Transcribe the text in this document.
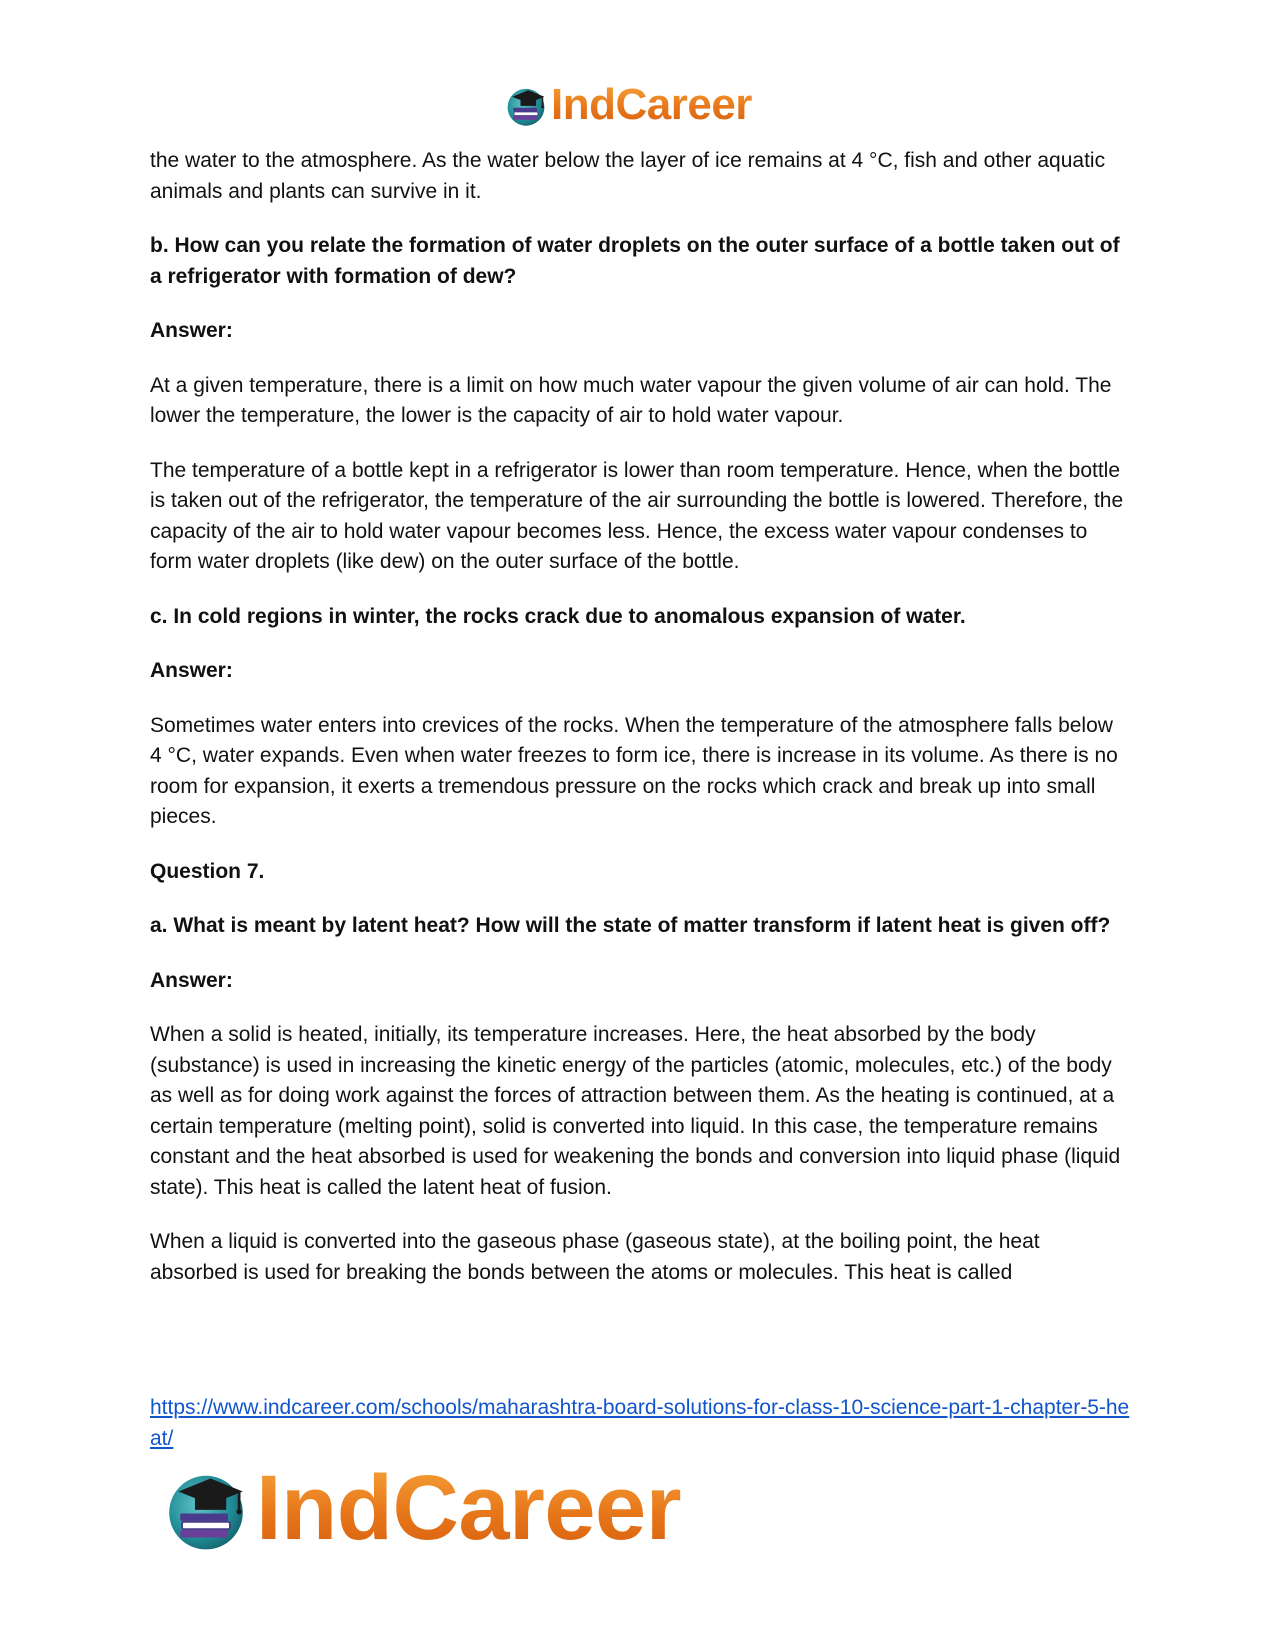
IndCareer

the water to the atmosphere. As the water below the layer of ice remains at 4 °C, fish and other aquatic animals and plants can survive in it.

b. How can you relate the formation of water droplets on the outer surface of a bottle taken out of a refrigerator with formation of dew?

Answer:

At a given temperature, there is a limit on how much water vapour the given volume of air can hold. The lower the temperature, the lower is the capacity of air to hold water vapour.

The temperature of a bottle kept in a refrigerator is lower than room temperature. Hence, when the bottle is taken out of the refrigerator, the temperature of the air surrounding the bottle is lowered. Therefore, the capacity of the air to hold water vapour becomes less. Hence, the excess water vapour condenses to form water droplets (like dew) on the outer surface of the bottle.

c. In cold regions in winter, the rocks crack due to anomalous expansion of water.

Answer:

Sometimes water enters into crevices of the rocks. When the temperature of the atmosphere falls below 4 °C, water expands. Even when water freezes to form ice, there is increase in its volume. As there is no room for expansion, it exerts a tremendous pressure on the rocks which crack and break up into small pieces.

Question 7.

a. What is meant by latent heat? How will the state of matter transform if latent heat is given off?

Answer:

When a solid is heated, initially, its temperature increases. Here, the heat absorbed by the body (substance) is used in increasing the kinetic energy of the particles (atomic, molecules, etc.) of the body as well as for doing work against the forces of attraction between them. As the heating is continued, at a certain temperature (melting point), solid is converted into liquid. In this case, the temperature remains constant and the heat absorbed is used for weakening the bonds and conversion into liquid phase (liquid state). This heat is called the latent heat of fusion.

When a liquid is converted into the gaseous phase (gaseous state), at the boiling point, the heat absorbed is used for breaking the bonds between the atoms or molecules. This heat is called

https://www.indcareer.com/schools/maharashtra-board-solutions-for-class-10-science-part-1-chapter-5-heat/
IndCareer
